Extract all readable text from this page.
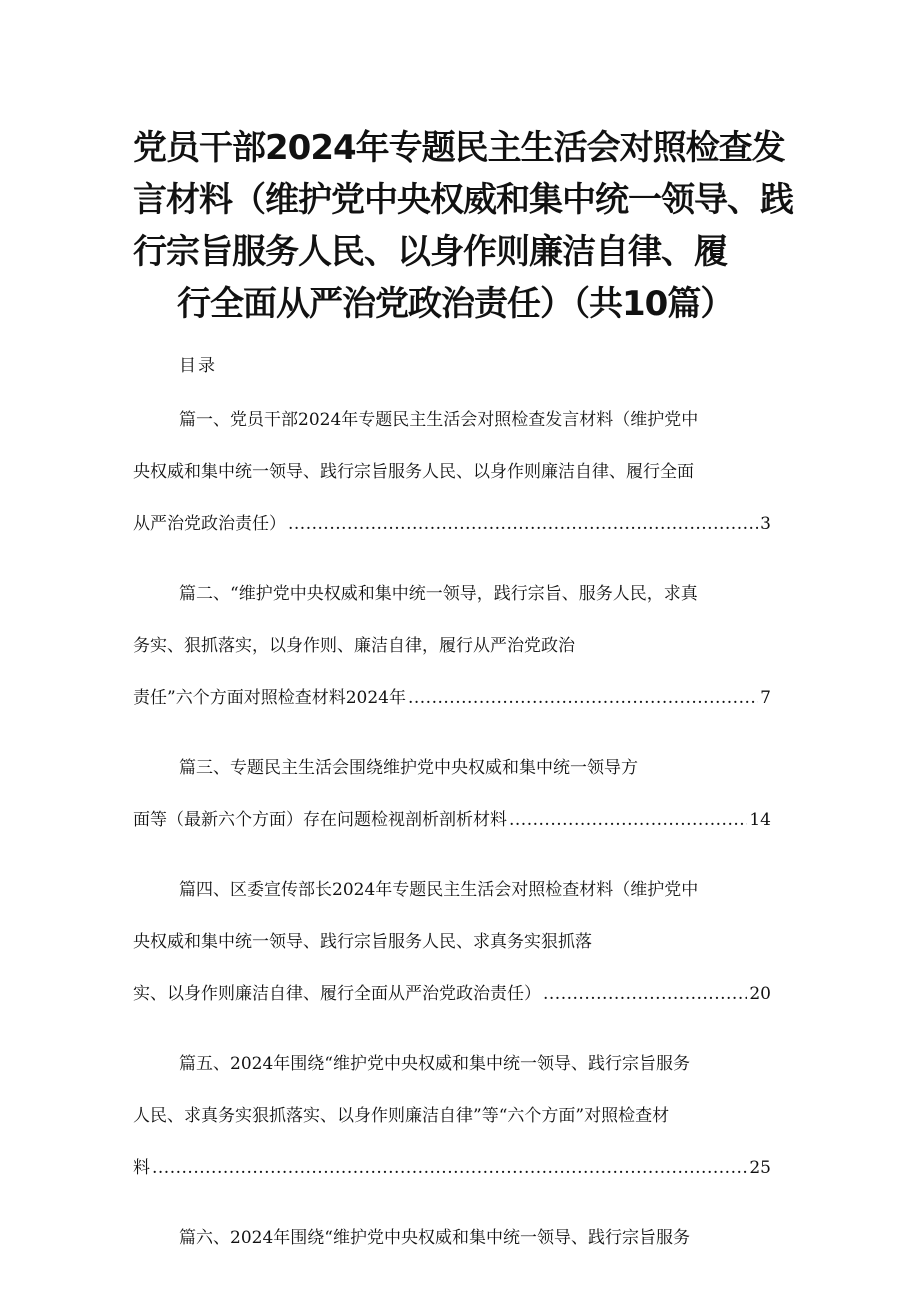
党员干部2024年专题民主生活会对照检查发
言材料（维护党中央权威和集中统一领导、践
行宗旨服务人民、以身作则廉洁自律、履
行全面从严治党政治责任）（共10篇）
目录
篇一、党员干部2024年专题民主生活会对照检查发言材料（维护党中
央权威和集中统一领导、践行宗旨服务人民、以身作则廉洁自律、履行全面
从严治党政治责任） .....	3
篇二、“维护党中央权威和集中统一领导，践行宗旨、服务人民，求真
务实、狠抓落实，以身作则、廉洁自律，履行从严治党政治
责任”六个方面对照检查材料2024年 .....	7
篇三、专题民主生活会围绕维护党中央权威和集中统一领导方
面等（最新六个方面）存在问题检视剖析剖析材料 .....	14
篇四、区委宣传部长2024年专题民主生活会对照检查材料（维护党中
央权威和集中统一领导、践行宗旨服务人民、求真务实狠抓落
实、以身作则廉洁自律、履行全面从严治党政治责任） .....	20
篇五、2024年围绕“维护党中央权威和集中统一领导、践行宗旨服务
人民、求真务实狠抓落实、以身作则廉洁自律”等“六个方面”对照检查材
料 .....	25
篇六、2024年围绕“维护党中央权威和集中统一领导、践行宗旨服务
